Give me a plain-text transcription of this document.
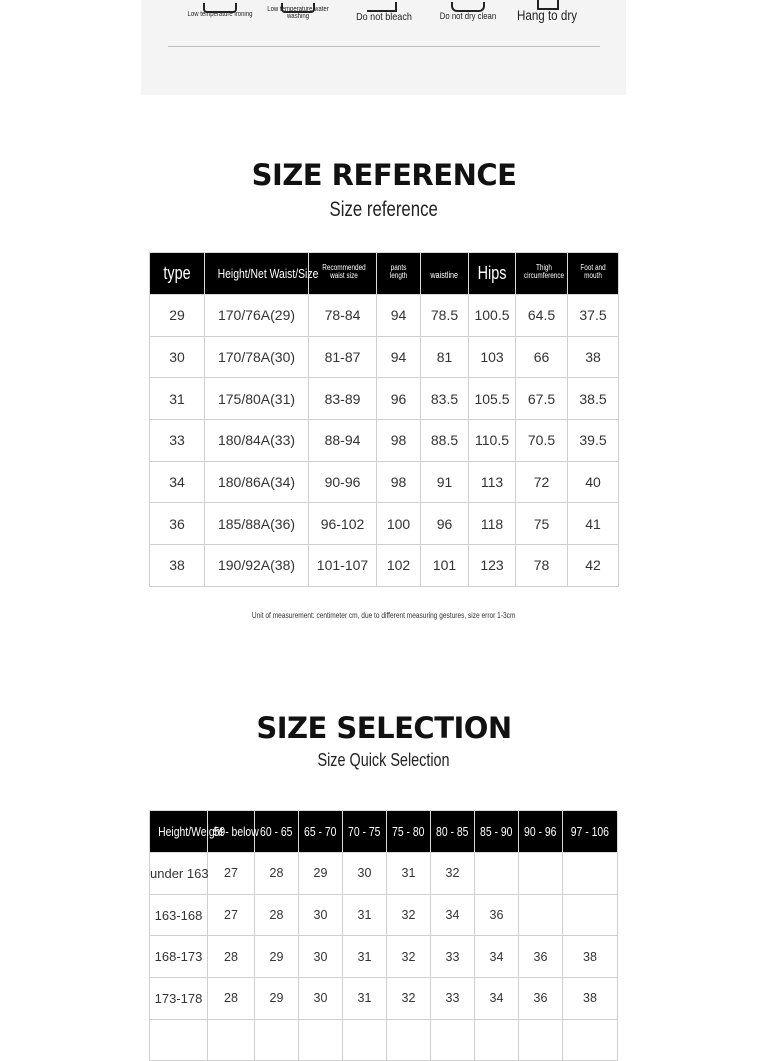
Low temperature ironing
Low temperature water
washing	Do not bleach	Do not dry clean	Hang to dry
SIZE REFERENCE
Size reference
type	Height/Net Waist/Size	Recommended waist size	pants length	waistline	Hips	Thigh circumference	Foot and mouth
29	170/76A(29)	78-84	94	78.5	100.5	64.5	37.5
30	170/78A(30)	81-87	94	81	103	66	38
31	175/80A(31)	83-89	96	83.5	105.5	67.5	38.5
33	180/84A(33)	88-94	98	88.5	110.5	70.5	39.5
34	180/86A(34)	90-96	98	91	113	72	40
36	185/88A(36)	96-102	100	96	118	75	41
38	190/92A(38)	101-107	102	101	123	78	42
Unit of measurement: centimeter cm, due to different measuring gestures, size error 1-3cm
SIZE SELECTION
Size Quick Selection
Height/Weight	59- below	60 - 65	65 - 70	70 - 75	75 - 80	80 - 85	85 - 90	90 - 96	97 - 106
under 163	27	28	29	30	31	32			
163-168	27	28	30	31	32	34	36		
168-173	28	29	30	31	32	33	34	36	38
173-178	28	29	30	31	32	33	34	36	38
